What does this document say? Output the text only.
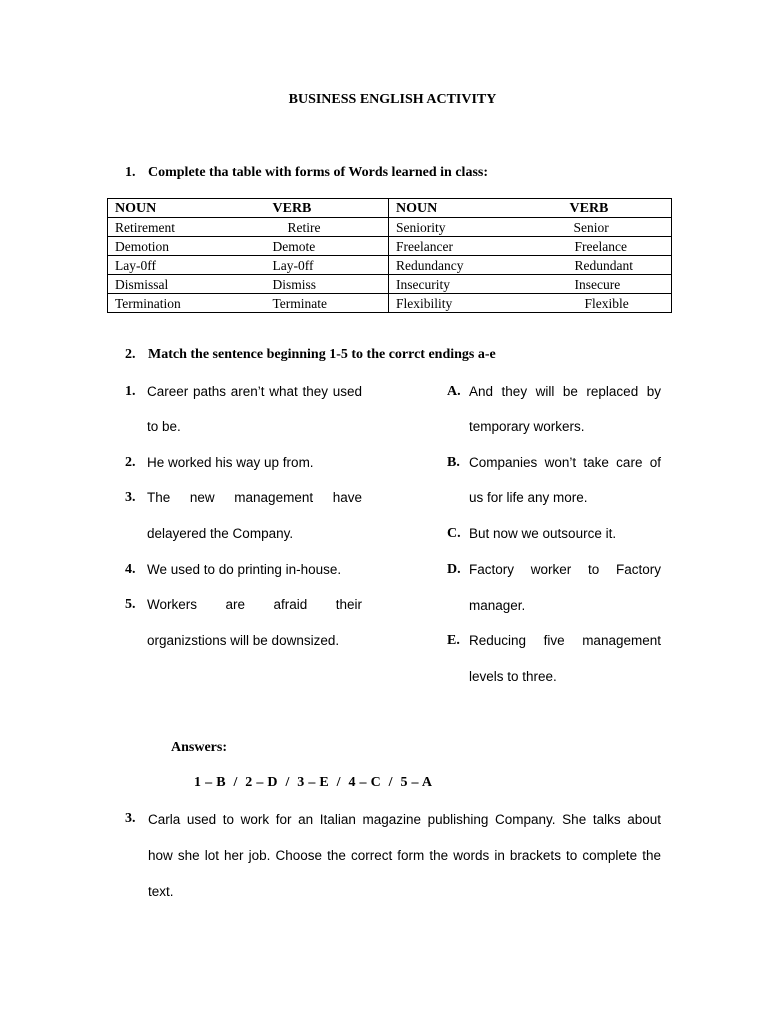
BUSINESS ENGLISH ACTIVITY
1. Complete tha table with forms of Words learned in class:
NOUN	VERB	NOUN	VERB
Retirement	Retire	Seniority	Senior
Demotion	Demote	Freelancer	Freelance
Lay-0ff	Lay-0ff	Redundancy	Redundant
Dismissal	Dismiss	Insecurity	Insecure
Termination	Terminate	Flexibility	Flexible
2. Match the sentence beginning 1-5 to the corrct endings a-e
1. Career paths aren’t what they used
to be.
2. He worked his way up from.
3. The new management have
delayered the Company.
4. We used to do printing in-house.
5. Workers are afraid their
organizstions will be downsized.
A. And they will be replaced by
temporary workers.
B. Companies won’t take care of
us for life any more.
C. But now we outsource it.
D. Factory worker to Factory
manager.
E. Reducing five management
levels to three.
Answers:
1 – B  /  2 – D  /  3 – E  /  4 – C  /  5 – A
3. Carla used to work for an Italian magazine publishing Company. She talks about
how she lot her job. Choose the correct form the words in brackets to complete the
text.
